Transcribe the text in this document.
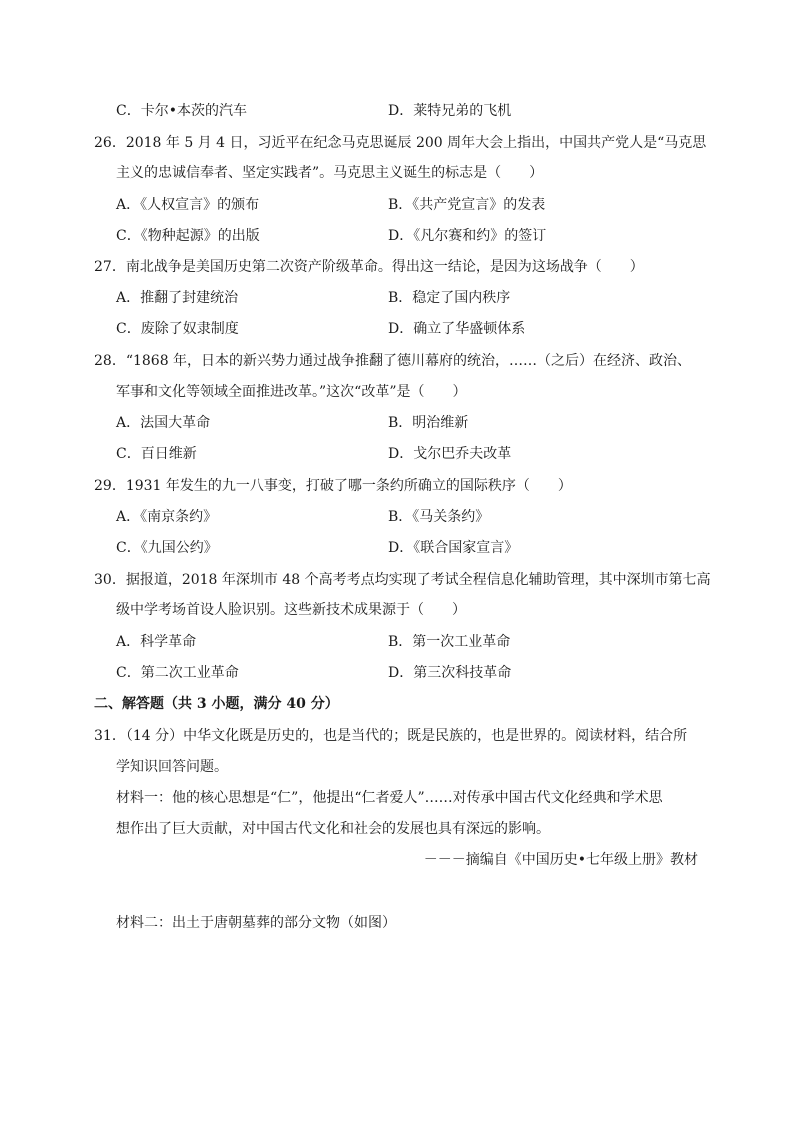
C．卡尔•本茨的汽车	D．莱特兄弟的飞机
26．2018 年 5 月 4 日，习近平在纪念马克思诞辰 200 周年大会上指出，中国共产党人是“马克思
主义的忠诚信奉者、坚定实践者”。马克思主义诞生的标志是（　　）
A．《人权宣言》的颁布	B．《共产党宣言》的发表
C．《物种起源》的出版	D．《凡尔赛和约》的签订
27．南北战争是美国历史第二次资产阶级革命。得出这一结论，是因为这场战争（　　）
A．推翻了封建统治	B．稳定了国内秩序
C．废除了奴隶制度	D．确立了华盛顿体系
28．“1868 年，日本的新兴势力通过战争推翻了德川幕府的统治，……（之后）在经济、政治、
军事和文化等领域全面推进改革。”这次“改革”是（　　）
A．法国大革命	B．明治维新
C．百日维新	D．戈尔巴乔夫改革
29．1931 年发生的九一八事变，打破了哪一条约所确立的国际秩序（　　）
A．《南京条约》	B．《马关条约》
C．《九国公约》	D．《联合国家宣言》
30．据报道，2018 年深圳市 48 个高考考点均实现了考试全程信息化辅助管理，其中深圳市第七高
级中学考场首设人脸识别。这些新技术成果源于（　　）
A．科学革命	B．第一次工业革命
C．第二次工业革命	D．第三次科技革命
二、解答题（共 3 小题，满分 40 分）
31．（14 分）中华文化既是历史的，也是当代的；既是民族的，也是世界的。阅读材料，结合所
学知识回答问题。
材料一：他的核心思想是“仁”，他提出“仁者爱人”……对传承中国古代文化经典和学术思
想作出了巨大贡献，对中国古代文化和社会的发展也具有深远的影响。
－－－摘编自《中国历史•七年级上册》教材
材料二：出土于唐朝墓葬的部分文物（如图）
